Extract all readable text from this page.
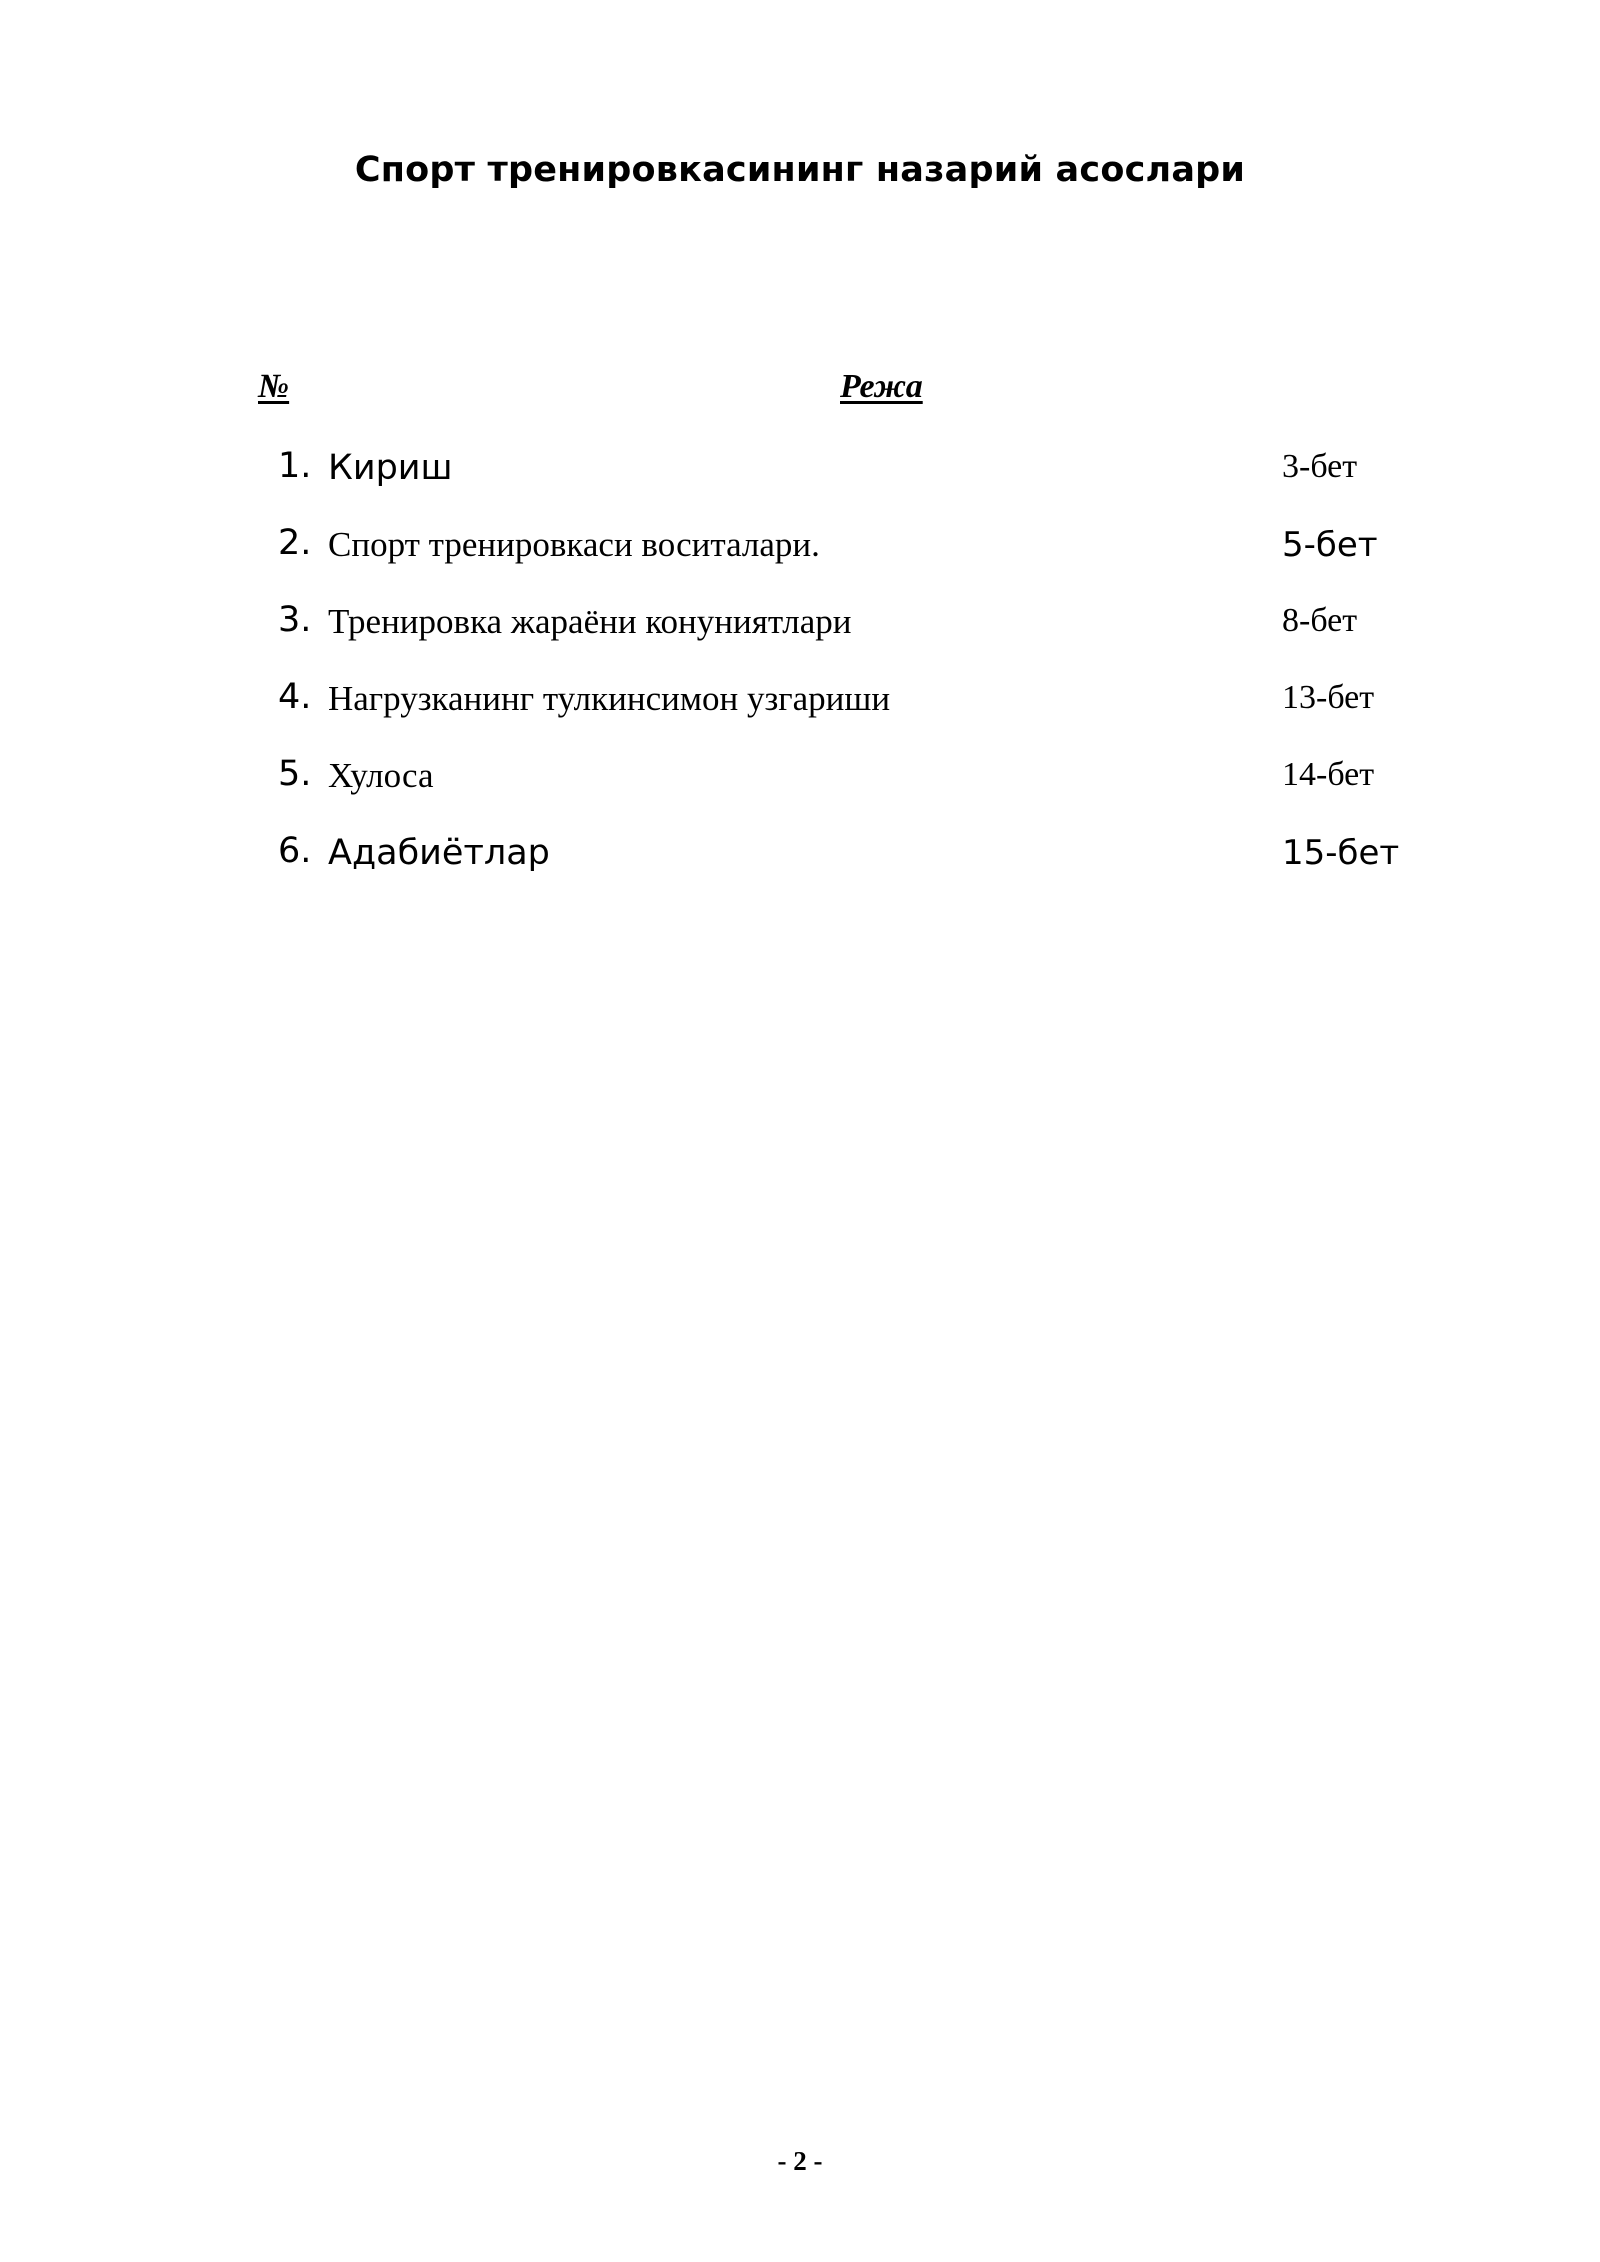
Спорт тренировкасининг назарий асослари
№	Режа
1. Кириш	3-бет
2. Спорт тренировкаси воситалари.	5-бет
3. Тренировка жараёни конуниятлари	8-бет
4. Нагрузканинг тулкинсимон узгариши	13-бет
5. Хулоса	14-бет
6. Адабиётлар	15-бет
- 2 -
